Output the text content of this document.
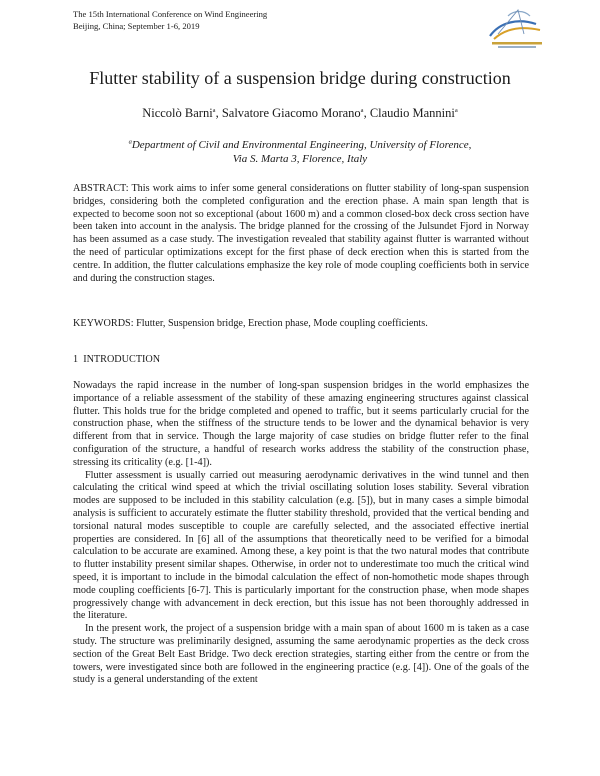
The 15th International Conference on Wind Engineering
Beijing, China; September 1-6, 2019
Flutter stability of a suspension bridge during construction
Niccolò Barni$^a$, Salvatore Giacomo Morano$^a$, Claudio Mannini$^a$
$^a$Department of Civil and Environmental Engineering, University of Florence,
Via S. Marta 3, Florence, Italy
ABSTRACT: This work aims to infer some general considerations on flutter stability of long-span suspension bridges, considering both the completed configuration and the erection phase. A main span length that is expected to become soon not so exceptional (about 1600 m) and a common closed-box deck cross section have been taken into account in the analysis. The bridge planned for the crossing of the Julsundet Fjord in Norway has been assumed as a case study. The investigation revealed that stability against flutter is warranted without the need of particular optimizations except for the first phase of deck erection when this is started from the centre. In addition, the flutter calculations emphasize the key role of mode coupling coefficients both in service and during the construction stages.
KEYWORDS: Flutter, Suspension bridge, Erection phase, Mode coupling coefficients.
1 INTRODUCTION

Nowadays the rapid increase in the number of long-span suspension bridges in the world emphasizes the importance of a reliable assessment of the stability of these amazing engineering structures against classical flutter. This holds true for the bridge completed and opened to traffic, but it seems particularly crucial for the construction phase, when the stiffness of the structure tends to be lower and the dynamical behavior is very different from that in service. Though the large majority of case studies on bridge flutter refer to the final configuration of the structure, a handful of research works address the stability of the construction phase, stressing its criticality (e.g. [1-4]).

Flutter assessment is usually carried out measuring aerodynamic derivatives in the wind tunnel and then calculating the critical wind speed at which the trivial oscillating solution loses stability. Several vibration modes are supposed to be included in this stability calculation (e.g. [5]), but in many cases a simple bimodal analysis is sufficient to accurately estimate the flutter stability threshold, provided that the vertical bending and torsional natural modes susceptible to couple are carefully selected, and the associated effective inertial properties are considered. In [6] all of the assumptions that theoretically need to be verified for a bimodal calculation to be accurate are examined. Among these, a key point is that the two natural modes that contribute to flutter instability present similar shapes. Otherwise, in order not to underestimate too much the critical wind speed, it is important to include in the bimodal calculation the effect of non-homothetic mode shapes through mode coupling coefficients [6-7]. This is particularly important for the construction phase, when mode shapes progressively change with advancement in deck erection, but this issue has not been thoroughly addressed in the literature.

In the present work, the project of a suspension bridge with a main span of about 1600 m is taken as a case study. The structure was preliminarily designed, assuming the same aerodynamic properties as the deck cross section of the Great Belt East Bridge. Two deck erection strategies, starting either from the centre or from the towers, were investigated since both are followed in the engineering practice (e.g. [4]). One of the goals of the study is a general understanding of the extent
